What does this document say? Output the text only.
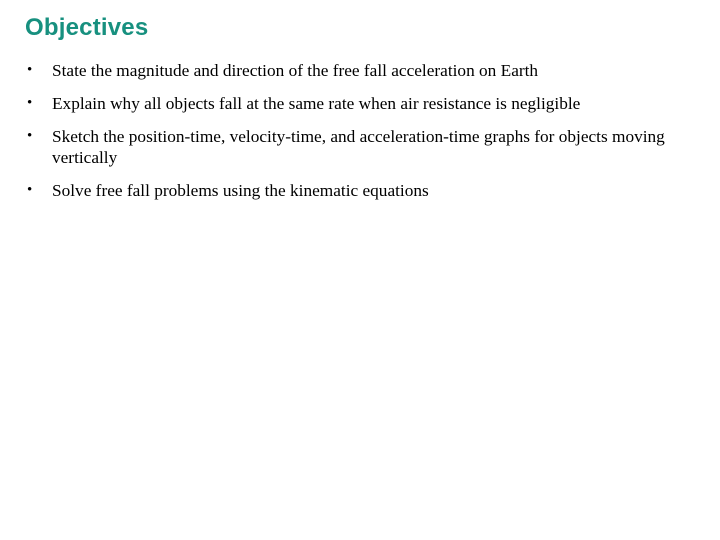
Objectives
• State the magnitude and direction of the free fall acceleration on Earth
• Explain why all objects fall at the same rate when air resistance is negligible
• Sketch the position-time, velocity-time, and acceleration-time graphs for objects moving vertically
• Solve free fall problems using the kinematic equations
